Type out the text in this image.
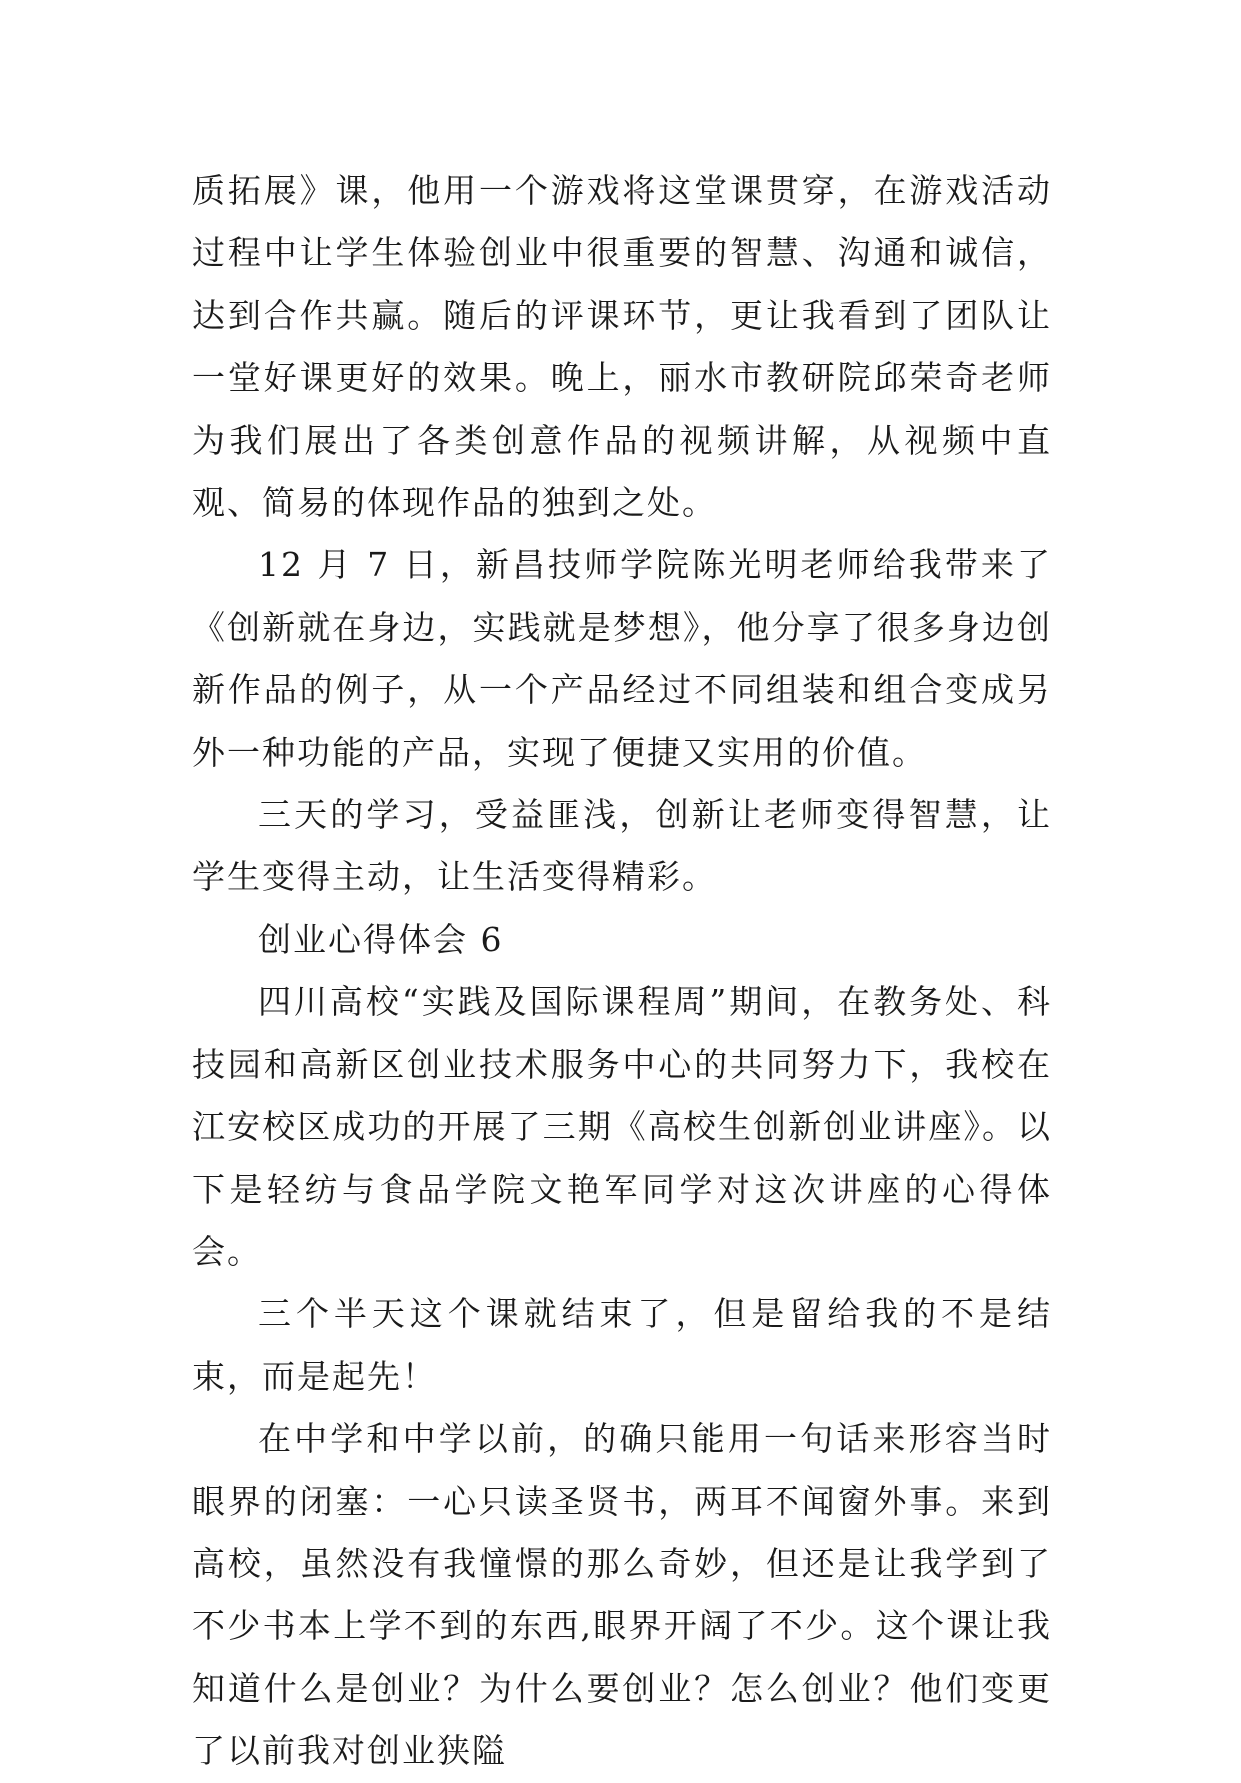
质拓展》课，他用一个游戏将这堂课贯穿，在游戏活动过程中让学生体验创业中很重要的智慧、沟通和诚信，达到合作共赢。随后的评课环节，更让我看到了团队让一堂好课更好的效果。晚上，丽水市教研院邱荣奇老师为我们展出了各类创意作品的视频讲解，从视频中直观、简易的体现作品的独到之处。

12 月 7 日，新昌技师学院陈光明老师给我带来了《创新就在身边，实践就是梦想》，他分享了很多身边创新作品的例子，从一个产品经过不同组装和组合变成另外一种功能的产品，实现了便捷又实用的价值。

三天的学习，受益匪浅，创新让老师变得智慧，让学生变得主动，让生活变得精彩。

创业心得体会 6

四川高校“实践及国际课程周”期间，在教务处、科技园和高新区创业技术服务中心的共同努力下，我校在江安校区成功的开展了三期《高校生创新创业讲座》。以下是轻纺与食品学院文艳军同学对这次讲座的心得体会。

三个半天这个课就结束了，但是留给我的不是结束，而是起先！

在中学和中学以前，的确只能用一句话来形容当时眼界的闭塞：一心只读圣贤书，两耳不闻窗外事。来到高校，虽然没有我憧憬的那么奇妙，但还是让我学到了不少书本上学不到的东西,眼界开阔了不少。这个课让我知道什么是创业？为什么要创业？怎么创业？他们变更了以前我对创业狭隘
